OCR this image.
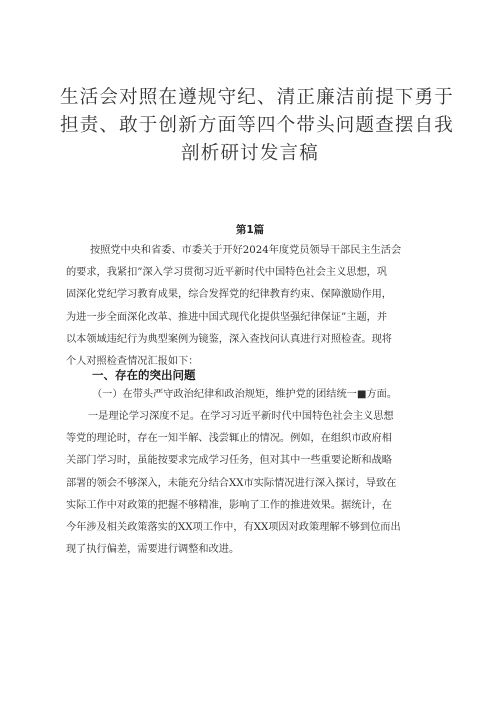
生活会对照在遵规守纪、清正廉洁前提下勇于
担责、敢于创新方面等四个带头问题查摆自我
剖析研讨发言稿
第1篇
按照党中央和省委、市委关于开好2024年度党员领导干部民主生活会
的要求，我紧扣”深入学习贯彻习近平新时代中国特色社会主义思想，巩
固深化党纪学习教育成果，综合发挥党的纪律教育约束、保障激励作用，
为进一步全面深化改革、推进中国式现代化提供坚强纪律保证”主题，并
以本领域违纪行为典型案例为镜鉴，深入查找问认真进行对照检查。现将
个人对照检查情况汇报如下：
一、存在的突出问题
（一）在带头严守政治纪律和政治规矩，维护党的团结统一■方面。
一是理论学习深度不足。在学习习近平新时代中国特色社会主义思想
等党的理论时，存在一知半解、浅尝辄止的情况。例如，在组织市政府相
关部门学习时，虽能按要求完成学习任务，但对其中一些重要论断和战略
部署的领会不够深入，未能充分结合XX市实际情况进行深入探讨，导致在
实际工作中对政策的把握不够精准，影响了工作的推进效果。据统计，在
今年涉及相关政策落实的XX项工作中，有XX项因对政策理解不够到位而出
现了执行偏差，需要进行调整和改进。
